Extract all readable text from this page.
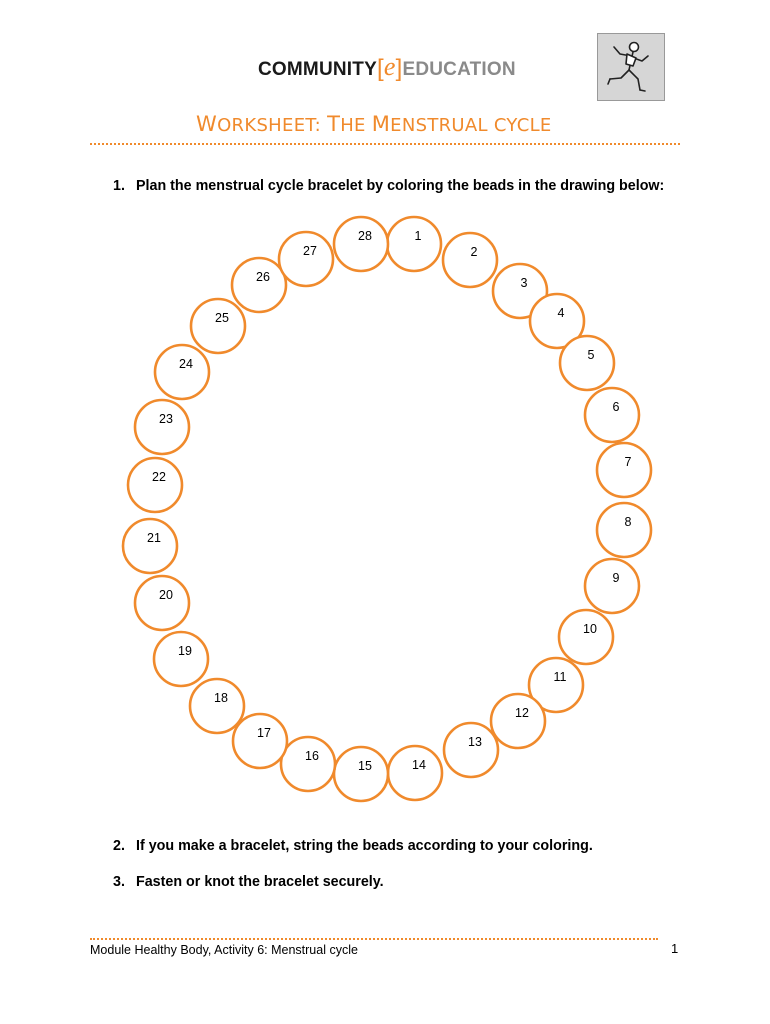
COMMUNITY[e]EDUCATION
WORKSHEET: THE MENSTRUAL CYCLE
1. Plan the menstrual cycle bracelet by coloring the beads in the drawing below:
1
2
3
4
5
6
7
8
9
10
11
12
13
14
15
16
17
18
19
20
21
22
23
24
25
26
27
28
2. If you make a bracelet, string the beads according to your coloring.
3. Fasten or knot the bracelet securely.
Module Healthy Body, Activity 6: Menstrual cycle	1
